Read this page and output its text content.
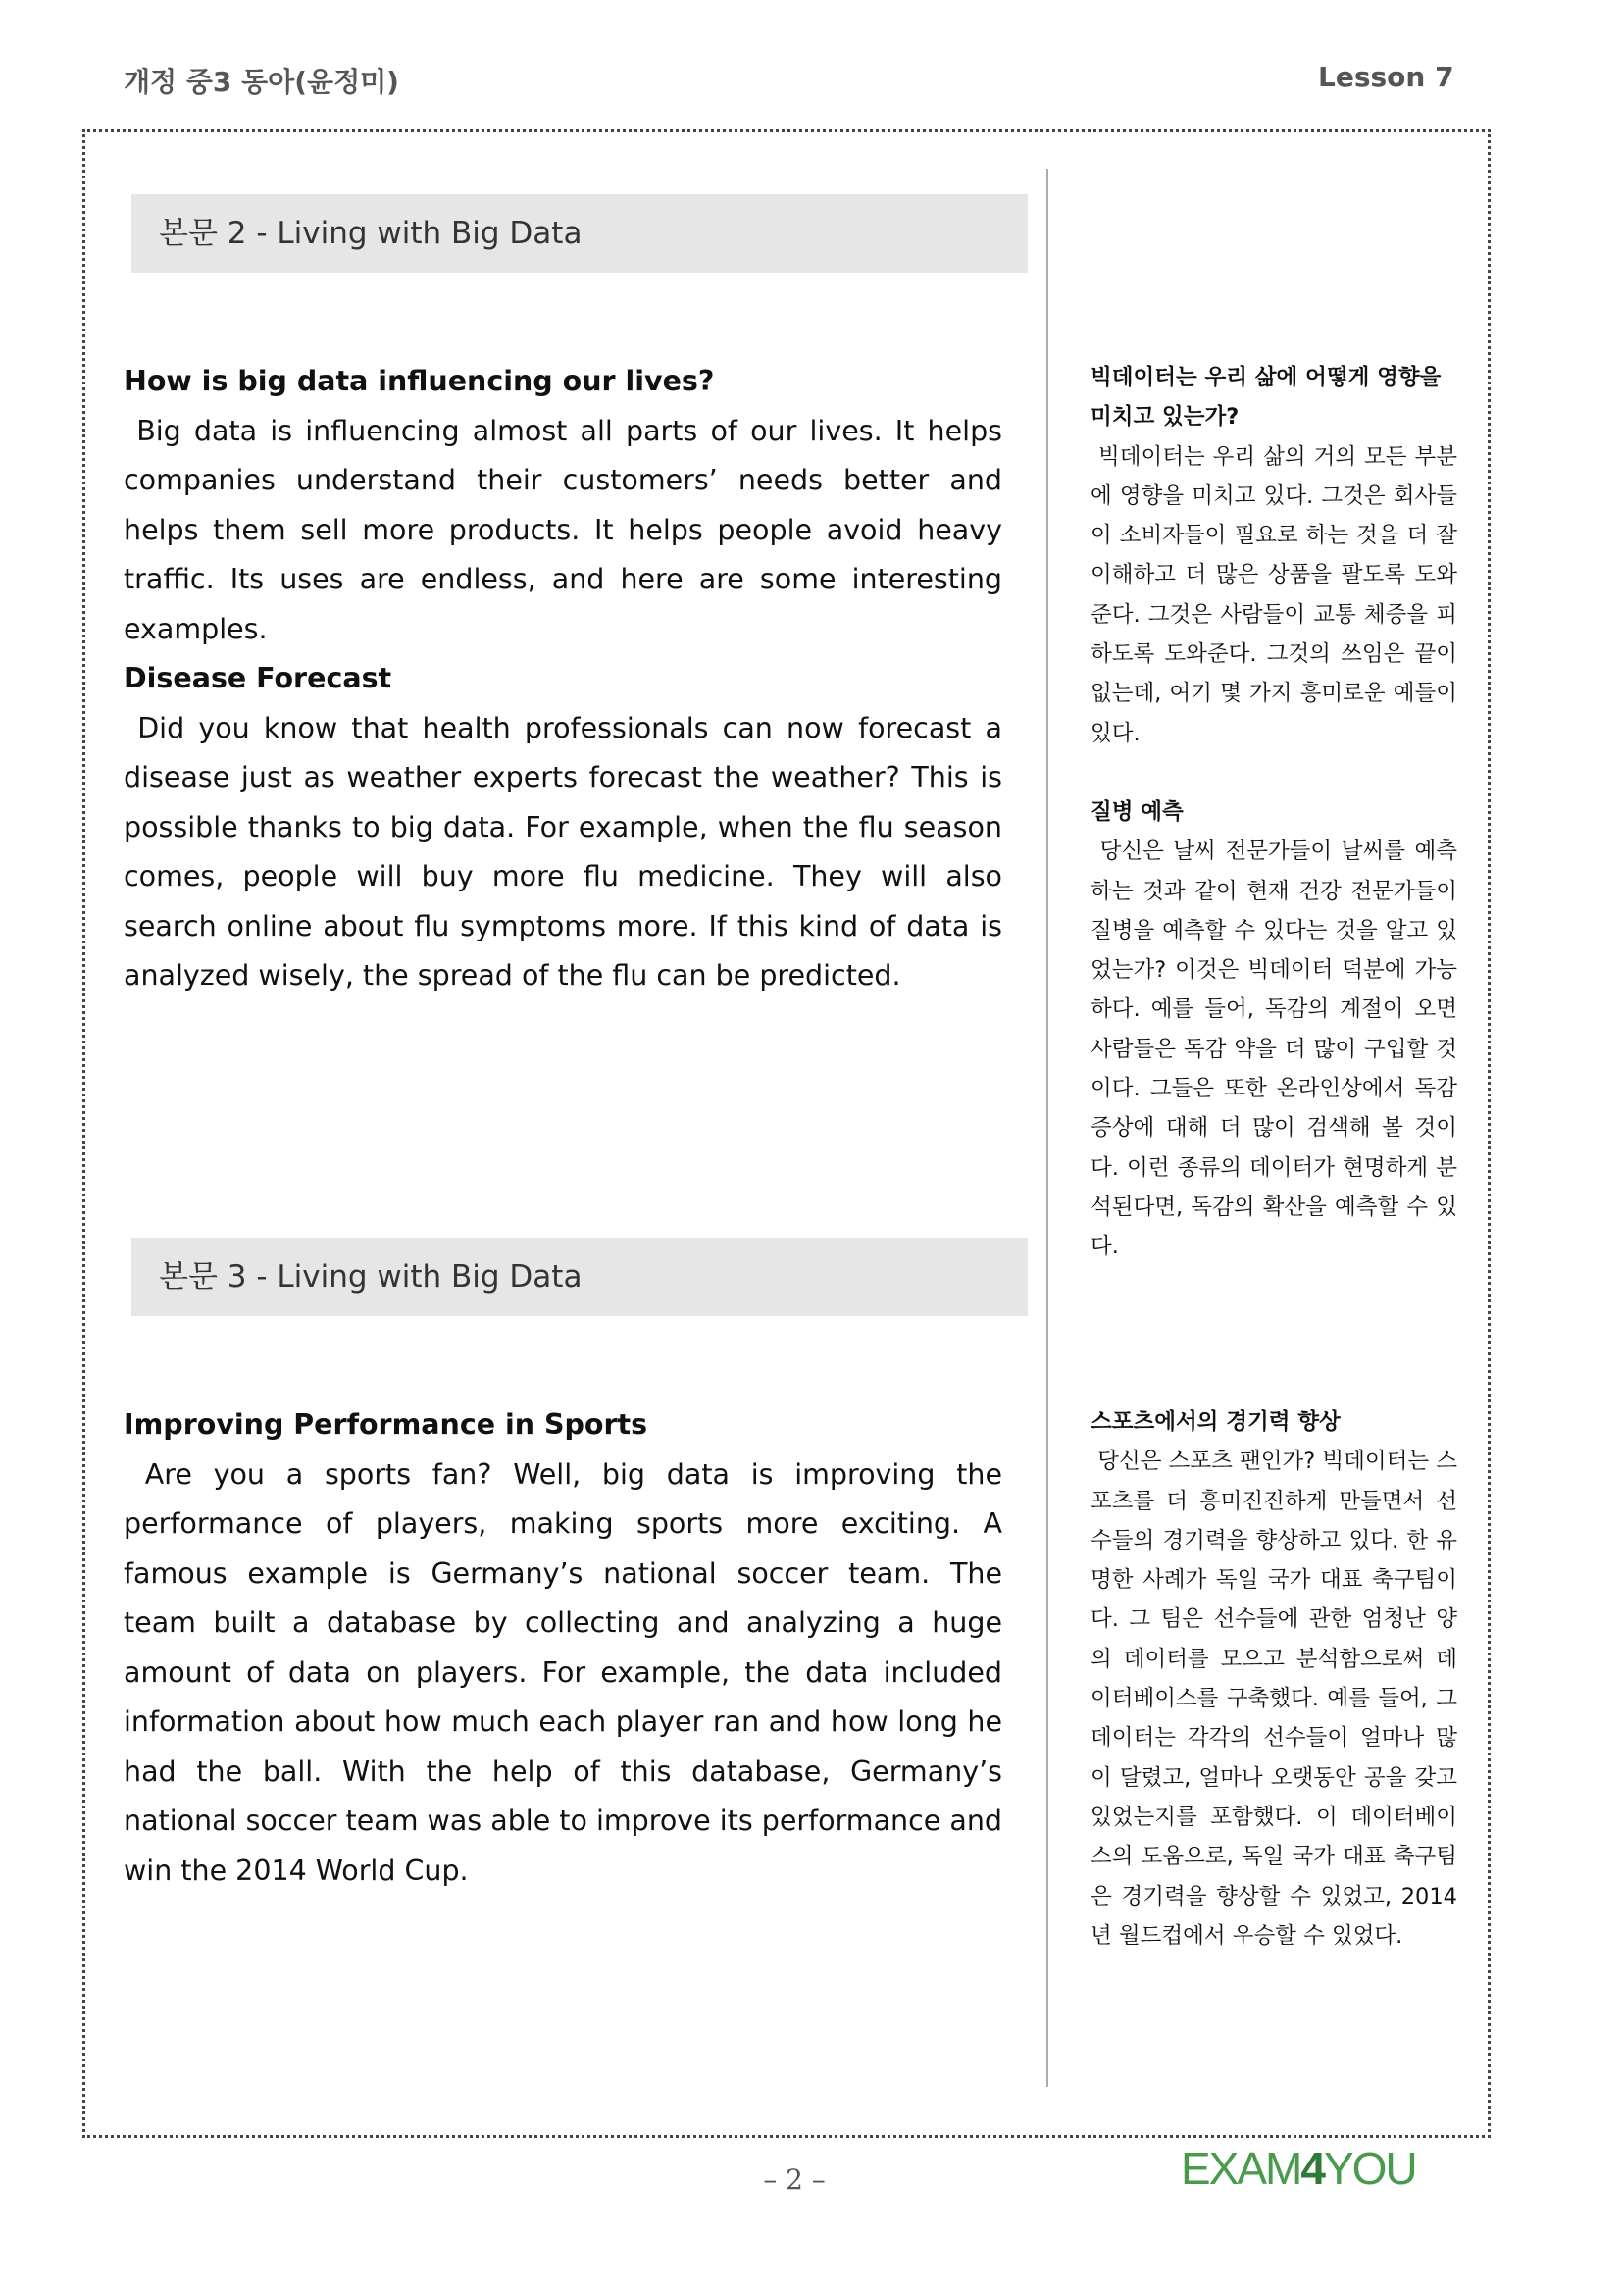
개정 중3 동아(윤정미)	Lesson 7
본문 2 - Living with Big Data
본문 3 - Living with Big Data
How is big data influencing our lives?

Big data is influencing almost all parts of our lives. It helps companies understand their customers’ needs better and helps them sell more products. It helps people avoid heavy traffic. Its uses are endless, and here are some interesting examples.

Disease Forecast

Did you know that health professionals can now forecast a disease just as weather experts forecast the weather? This is possible thanks to big data. For example, when the flu season comes, people will buy more flu medicine. They will also search online about flu symptoms more. If this kind of data is analyzed wisely, the spread of the flu can be predicted.

Improving Performance in Sports

Are you a sports fan? Well, big data is improving the performance of players, making sports more exciting. A famous example is Germany’s national soccer team. The team built a database by collecting and analyzing a huge amount of data on players. For example, the data included information about how much each player ran and how long he had the ball. With the help of this database, Germany’s national soccer team was able to improve its performance and win the 2014 World Cup.

빅데이터는 우리 삶에 어떻게 영향을 미치고 있는가?

빅데이터는 우리 삶의 거의 모든 부분에 영향을 미치고 있다. 그것은 회사들이 소비자들이 필요로 하는 것을 더 잘 이해하고 더 많은 상품을 팔도록 도와준다. 그것은 사람들이 교통 체증을 피하도록 도와준다. 그것의 쓰임은 끝이 없는데, 여기 몇 가지 흥미로운 예들이 있다.

질병 예측

당신은 날씨 전문가들이 날씨를 예측하는 것과 같이 현재 건강 전문가들이 질병을 예측할 수 있다는 것을 알고 있었는가? 이것은 빅데이터 덕분에 가능하다. 예를 들어, 독감의 계절이 오면 사람들은 독감 약을 더 많이 구입할 것이다. 그들은 또한 온라인상에서 독감 증상에 대해 더 많이 검색해 볼 것이다. 이런 종류의 데이터가 현명하게 분석된다면, 독감의 확산을 예측할 수 있다.

스포츠에서의 경기력 향상

당신은 스포츠 팬인가? 빅데이터는 스포츠를 더 흥미진진하게 만들면서 선수들의 경기력을 향상하고 있다. 한 유명한 사례가 독일 국가 대표 축구팀이다. 그 팀은 선수들에 관한 엄청난 양의 데이터를 모으고 분석함으로써 데이터베이스를 구축했다. 예를 들어, 그 데이터는 각각의 선수들이 얼마나 많이 달렸고, 얼마나 오랫동안 공을 갖고 있었는지를 포함했다. 이 데이터베이스의 도움으로, 독일 국가 대표 축구팀은 경기력을 향상할 수 있었고, 2014년 월드컵에서 우승할 수 있었다.

– 2 –	EXAM4YOU
